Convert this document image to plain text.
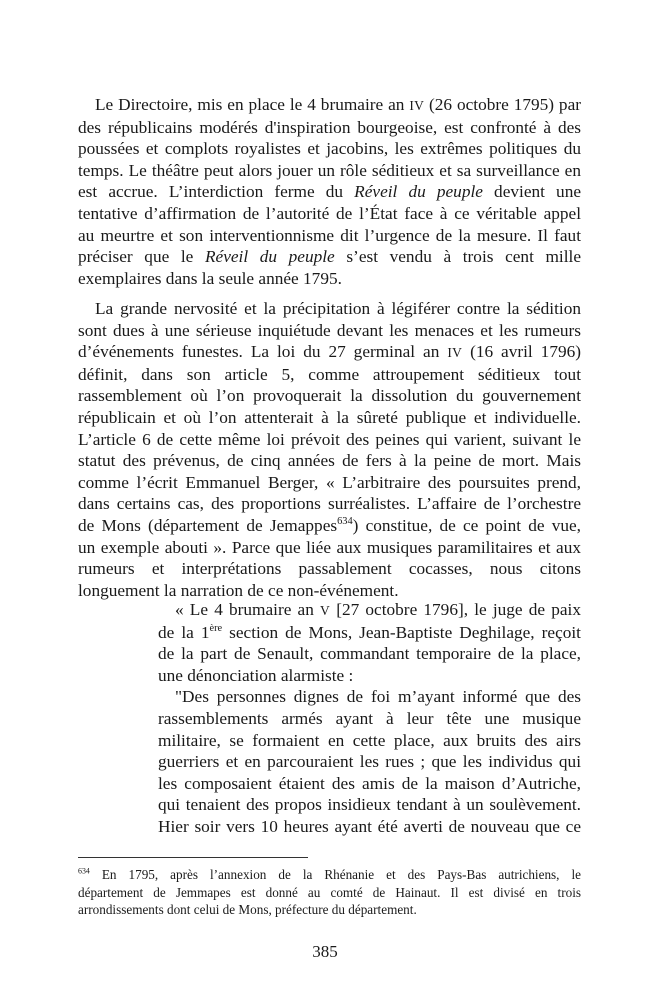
Le Directoire, mis en place le 4 brumaire an IV (26 octobre 1795) par
des républicains modérés d'inspiration bourgeoise, est confronté à des
poussées et complots royalistes et jacobins, les extrêmes politiques du
temps. Le théâtre peut alors jouer un rôle séditieux et sa surveillance en
est accrue. L’interdiction ferme du Réveil du peuple devient une
tentative d’affirmation de l’autorité de l’État face à ce véritable appel
au meurtre et son interventionnisme dit l’urgence de la mesure. Il faut
préciser que le Réveil du peuple s’est vendu à trois cent mille
exemplaires dans la seule année 1795.
La grande nervosité et la précipitation à légiférer contre la sédition
sont dues à une sérieuse inquiétude devant les menaces et les rumeurs
d’événements funestes. La loi du 27 germinal an IV (16 avril 1796)
définit, dans son article 5, comme attroupement séditieux tout
rassemblement où l’on provoquerait la dissolution du gouvernement
républicain et où l’on attenterait à la sûreté publique et individuelle.
L’article 6 de cette même loi prévoit des peines qui varient, suivant le
statut des prévenus, de cinq années de fers à la peine de mort. Mais
comme l’écrit Emmanuel Berger, « L’arbitraire des poursuites prend,
dans certains cas, des proportions surréalistes. L’affaire de l’orchestre
de Mons (département de Jemappes$^{634}$) constitue, de ce point de vue,
un exemple abouti ». Parce que liée aux musiques paramilitaires et aux
rumeurs et interprétations passablement cocasses, nous citons
longuement la narration de ce non-événement.
« Le 4 brumaire an V [27 octobre 1796], le juge de paix
de la 1ère section de Mons, Jean-Baptiste Deghilage, reçoit
de la part de Senault, commandant temporaire de la place,
une dénonciation alarmiste :
"Des personnes dignes de foi m’ayant informé que des
rassemblements armés ayant à leur tête une musique
militaire, se formaient en cette place, aux bruits des airs
guerriers et en parcouraient les rues ; que les individus qui
les composaient étaient des amis de la maison d’Autriche,
qui tenaient des propos insidieux tendant à un soulèvement.
Hier soir vers 10 heures ayant été averti de nouveau que ce
$^{634}$ En 1795, après l’annexion de la Rhénanie et des Pays-Bas autrichiens, le
département de Jemmapes est donné au comté de Hainaut. Il est divisé en trois
arrondissements dont celui de Mons, préfecture du département.
385
